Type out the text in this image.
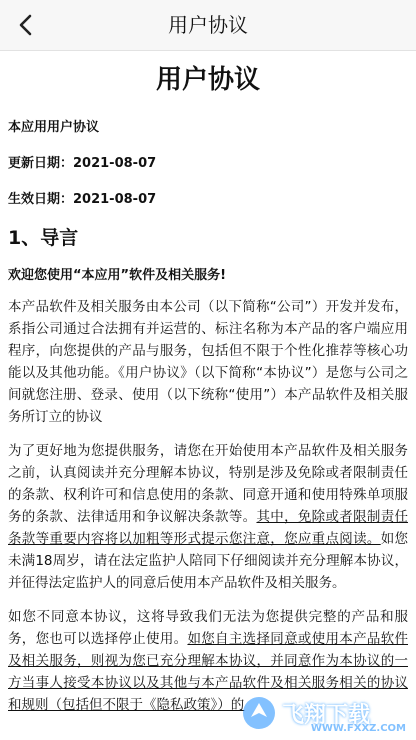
用户协议

用户协议

本应用用户协议

更新日期：2021-08-07

生效日期：2021-08-07

1、导言

欢迎您使用“本应用”软件及相关服务!

本产品软件及相关服务由本公司（以下简称“公司”）开发并发布，系指公司通过合法拥有并运营的、标注名称为本产品的客户端应用程序，向您提供的产品与服务，包括但不限于个性化推荐等核心功能以及其他功能。《用户协议》（以下简称“本协议”）是您与公司之间就您注册、登录、使用（以下统称“使用”）本产品软件及相关服务所订立的协议

为了更好地为您提供服务，请您在开始使用本产品软件及相关服务之前，认真阅读并充分理解本协议，特别是涉及免除或者限制责任的条款、权利许可和信息使用的条款、同意开通和使用特殊单项服务的条款、法律适用和争议解决条款等。其中，免除或者限制责任条款等重要内容将以加粗等形式提示您注意，您应重点阅读。如您未满18周岁，请在法定监护人陪同下仔细阅读并充分理解本协议，并征得法定监护人的同意后使用本产品软件及相关服务。

如您不同意本协议，这将导致我们无法为您提供完整的产品和服务，您也可以选择停止使用。如您自主选择同意或使用本产品软件及相关服务，则视为您已充分理解本协议，并同意作为本协议的一方当事人接受本协议以及其他与本产品软件及相关服务相关的协议和规则（包括但不限于《隐私政策》）的	飞翔下载
WWW.FXXZ.COM
